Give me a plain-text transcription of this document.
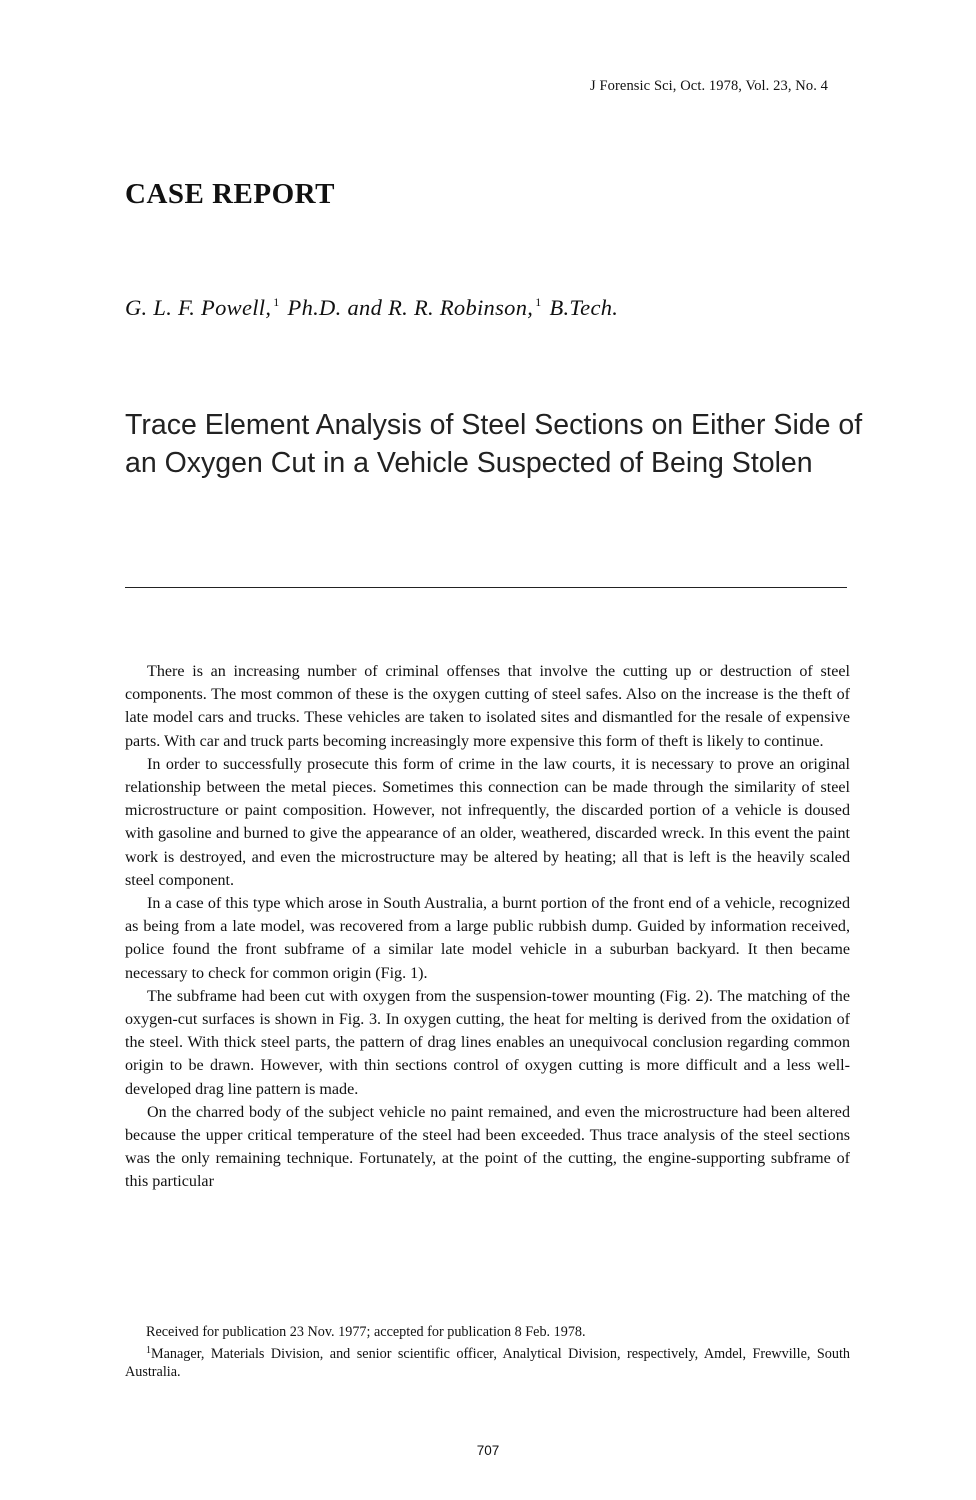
J Forensic Sci, Oct. 1978, Vol. 23, No. 4
CASE REPORT
G. L. F. Powell, $^1$ Ph.D. and R. R. Robinson, $^1$ B.Tech.
Trace Element Analysis of Steel Sections on Either Side of an Oxygen Cut in a Vehicle Suspected of Being Stolen

There is an increasing number of criminal offenses that involve the cutting up or destruction of steel components. The most common of these is the oxygen cutting of steel safes. Also on the increase is the theft of late model cars and trucks. These vehicles are taken to isolated sites and dismantled for the resale of expensive parts. With car and truck parts becoming increasingly more expensive this form of theft is likely to continue.

In order to successfully prosecute this form of crime in the law courts, it is necessary to prove an original relationship between the metal pieces. Sometimes this connection can be made through the similarity of steel microstructure or paint composition. However, not infrequently, the discarded portion of a vehicle is doused with gasoline and burned to give the appearance of an older, weathered, discarded wreck. In this event the paint work is destroyed, and even the microstructure may be altered by heating; all that is left is the heavily scaled steel component.

In a case of this type which arose in South Australia, a burnt portion of the front end of a vehicle, recognized as being from a late model, was recovered from a large public rubbish dump. Guided by information received, police found the front subframe of a similar late model vehicle in a suburban backyard. It then became necessary to check for common origin (Fig. 1).

The subframe had been cut with oxygen from the suspension-tower mounting (Fig. 2). The matching of the oxygen-cut surfaces is shown in Fig. 3. In oxygen cutting, the heat for melting is derived from the oxidation of the steel. With thick steel parts, the pattern of drag lines enables an unequivocal conclusion regarding common origin to be drawn. However, with thin sections control of oxygen cutting is more difficult and a less well-developed drag line pattern is made.

On the charred body of the subject vehicle no paint remained, and even the microstructure had been altered because the upper critical temperature of the steel had been exceeded. Thus trace analysis of the steel sections was the only remaining technique. Fortunately, at the point of the cutting, the engine-supporting subframe of this particular

Received for publication 23 Nov. 1977; accepted for publication 8 Feb. 1978.

$^1$Manager, Materials Division, and senior scientific officer, Analytical Division, respectively, Amdel, Frewville, South Australia.

707
